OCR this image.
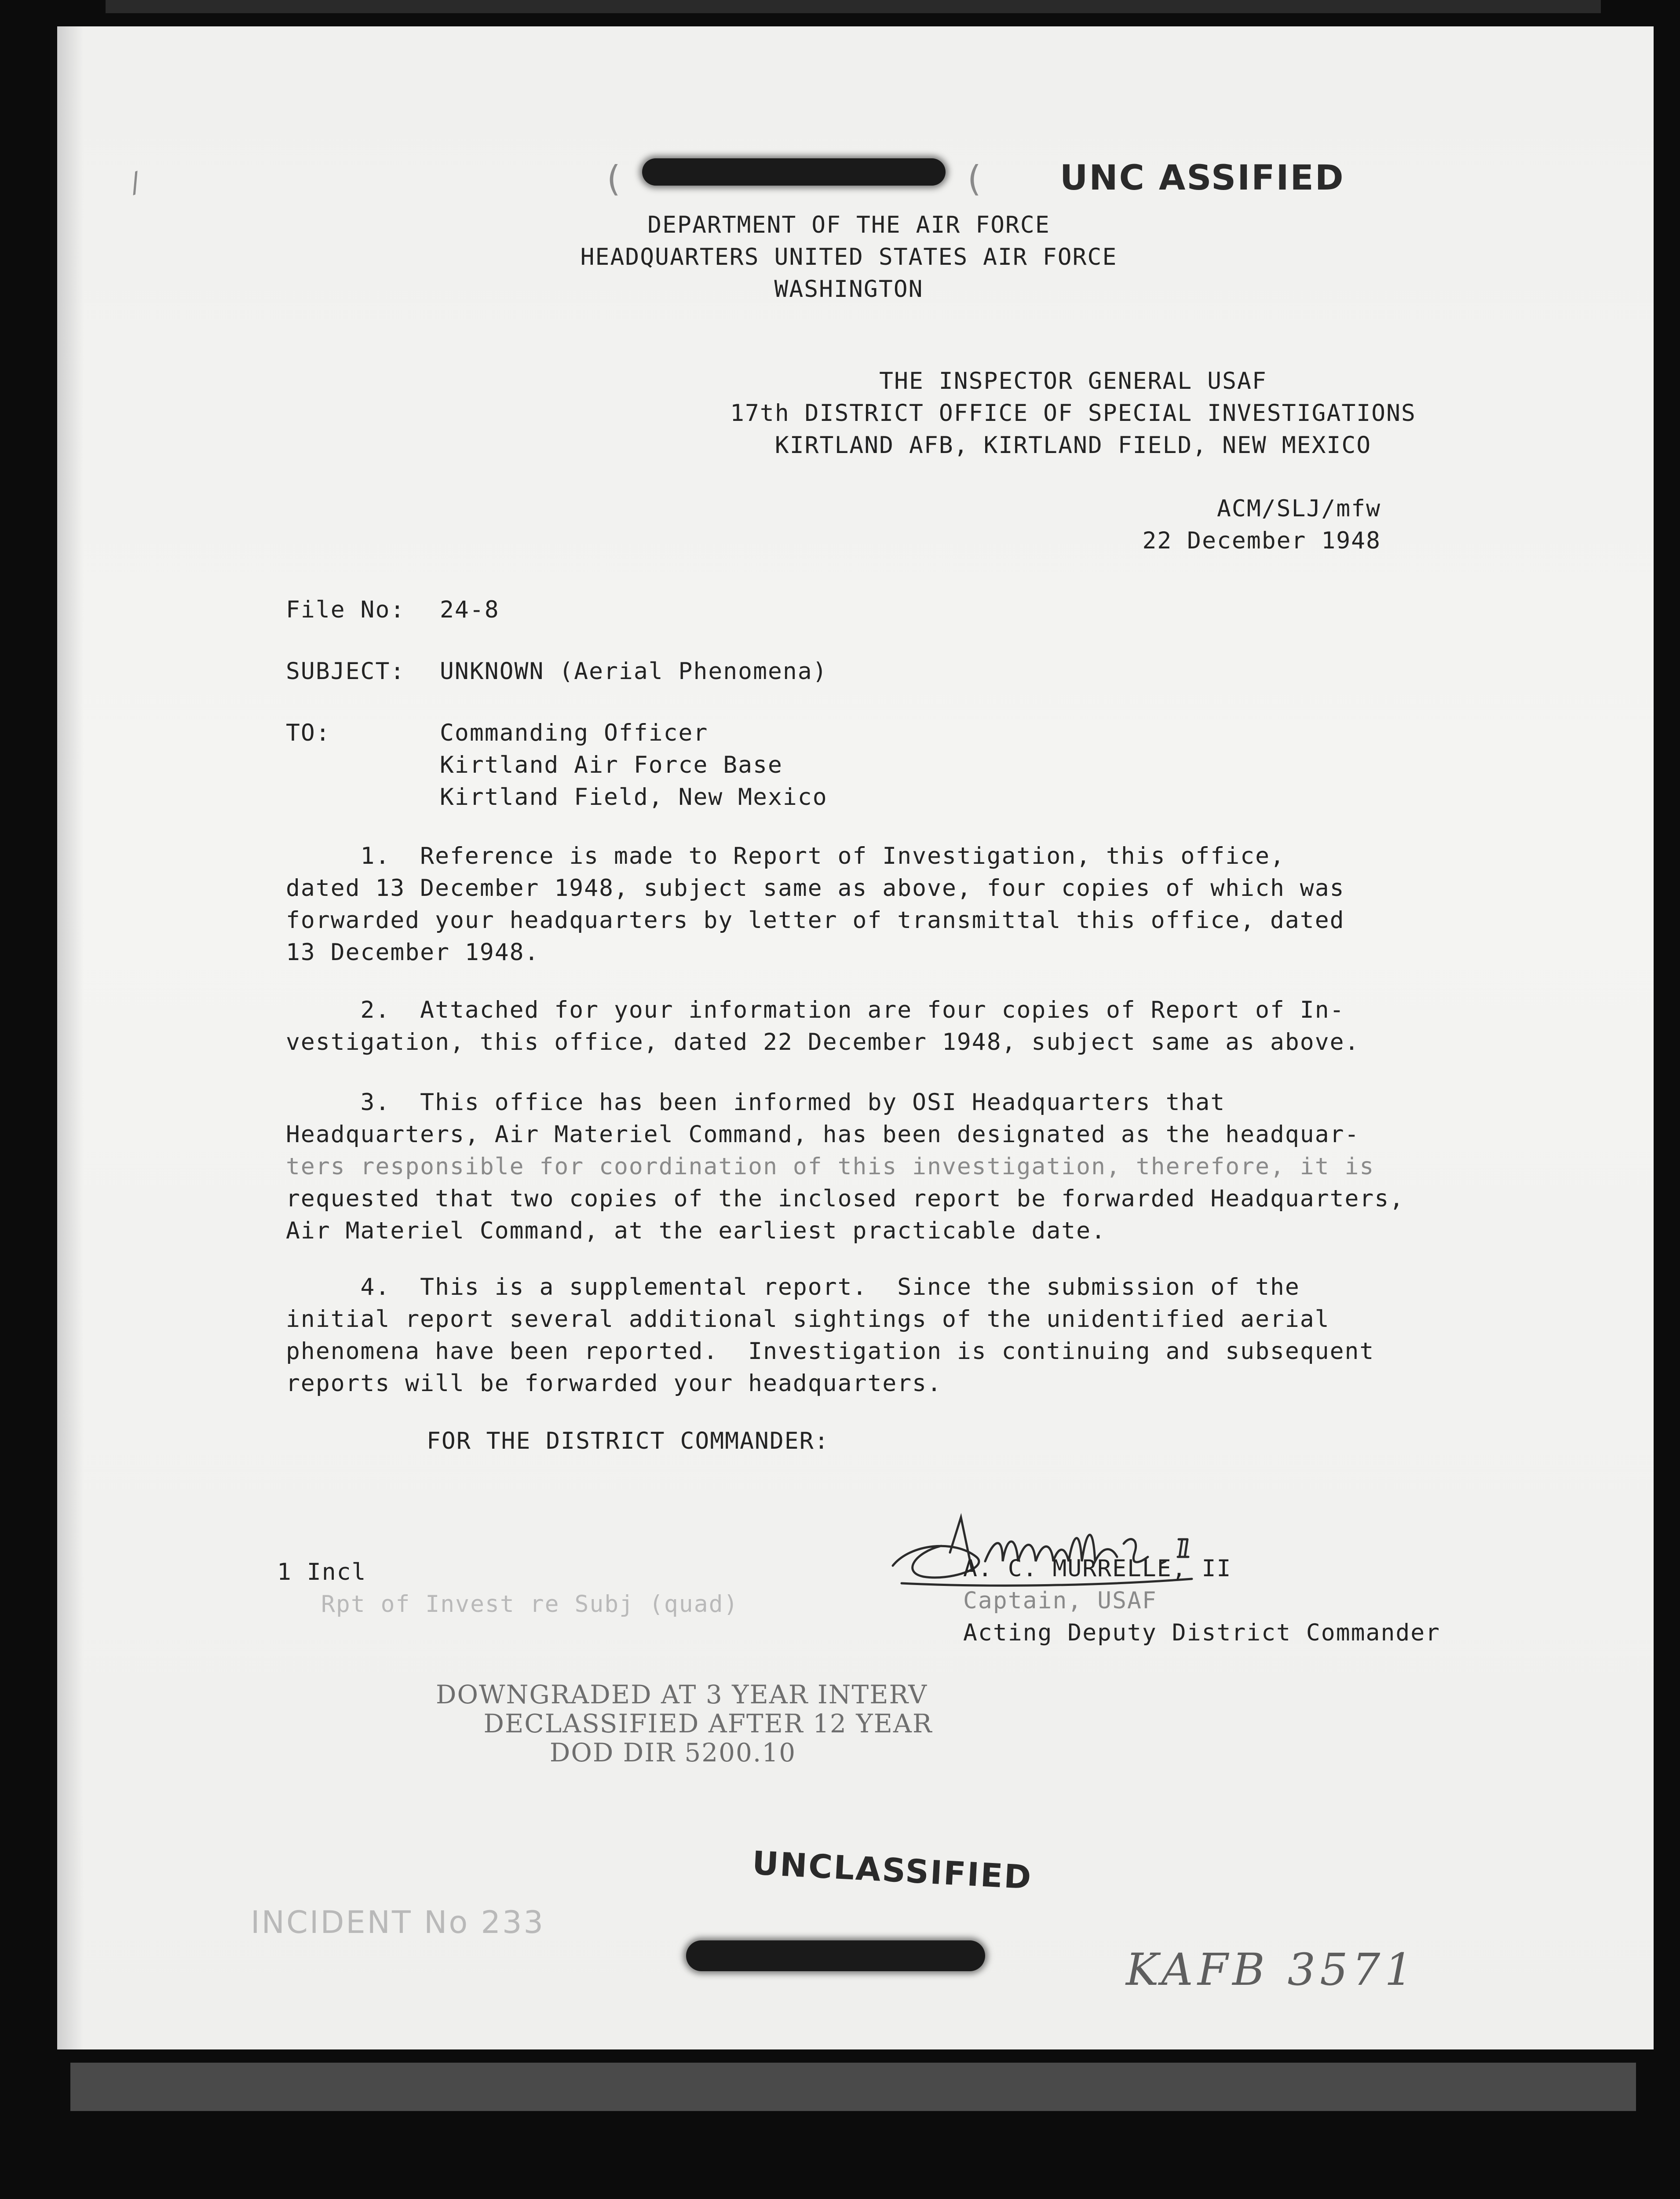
(	( UNC ASSIFIED
DEPARTMENT OF THE AIR FORCE
HEADQUARTERS UNITED STATES AIR FORCE
WASHINGTON
THE INSPECTOR GENERAL USAF
17th DISTRICT OFFICE OF SPECIAL INVESTIGATIONS
KIRTLAND AFB, KIRTLAND FIELD, NEW MEXICO
ACM/SLJ/mfw
22 December 1948
File No: 24-8
SUBJECT: UNKNOWN (Aerial Phenomena)
TO:	Commanding Officer
Kirtland Air Force Base
Kirtland Field, New Mexico
1.  Reference is made to Report of Investigation, this office,
dated 13 December 1948, subject same as above, four copies of which was
forwarded your headquarters by letter of transmittal this office, dated
13 December 1948.
2.  Attached for your information are four copies of Report of In-
vestigation, this office, dated 22 December 1948, subject same as above.
3.  This office has been informed by OSI Headquarters that
Headquarters, Air Materiel Command, has been designated as the headquar-
ters responsible for coordination of this investigation, therefore, it is
requested that two copies of the inclosed report be forwarded Headquarters,
Air Materiel Command, at the earliest practicable date.
4.  This is a supplemental report.  Since the submission of the
initial report several additional sightings of the unidentified aerial
phenomena have been reported.  Investigation is continuing and subsequent
reports will be forwarded your headquarters.
FOR THE DISTRICT COMMANDER:
A. C. MURRELLE, II
Captain, USAF
Acting Deputy District Commander
1 Incl
Rpt of Invest re Subj (quad)
DOWNGRADED AT 3 YEAR INTERV
DECLASSIFIED AFTER 12 YEAR
DOD DIR 5200.10
UNCLASSIFIED
INCIDENT No 233
KAFB 3571
/
